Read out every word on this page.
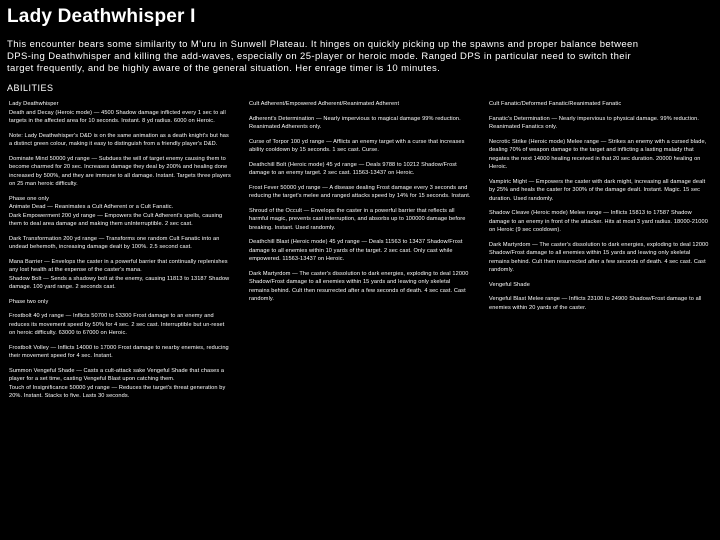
Lady Deathwhisper I
This encounter bears some similarity to M'uru in Sunwell Plateau. It hinges on quickly picking up the spawns and proper balance between DPS-ing Deathwhisper and killing the add-waves, especially on 25-player or heroic mode. Ranged DPS in particular need to switch their target frequently, and be highly aware of the general situation. Her enrage timer is 10 minutes.
ABILITIES

Lady Deathwhisper

Death and Decay (Heroic mode) — 4500 Shadow damage inflicted every 1 sec to all targets in the affected area for 10 seconds. Instant. 8 yd radius. 6000 on Heroic.

Note: Lady Deathwhisper's D&D is on the same animation as a death knight's but has a distinct green colour, making it easy to distinguish from a friendly player's D&D.

Dominate Mind 50000 yd range — Subdues the will of target enemy causing them to become charmed for 20 sec. Increases damage they deal by 200% and healing done increased by 500%, and they are immune to all damage. Instant. Targets three players on 25 man heroic difficulty.

Phase one only

Animate Dead — Reanimates a Cult Adherent or a Cult Fanatic.

Dark Empowerment 200 yd range — Empowers the Cult Adherent's spells, causing them to deal area damage and making them unInterruptible. 2 sec cast.

Dark Transformation 200 yd range — Transforms one random Cult Fanatic into an undead behemoth, increasing damage dealt by 100%. 2.5 second cast.

Mana Barrier — Envelops the caster in a powerful barrier that continually replenishes any lost health at the expense of the caster's mana.

Shadow Bolt — Sends a shadowy bolt at the enemy, causing 11813 to 13187 Shadow damage. 100 yard range. 2 seconds cast.

Phase two only

Frostbolt 40 yd range — Inflicts 50700 to 53300 Frost damage to an enemy and reduces its movement speed by 50% for 4 sec. 2 sec cast. Interruptible but un-reset on heroic difficulty. 63000 to 67000 on Heroic.

Frostbolt Volley — Inflicts 14000 to 17000 Frost damage to nearby enemies, reducing their movement speed for 4 sec. Instant.

Summon Vengeful Shade — Casts a cult-attack sake Vengeful Shade that chases a player for a set time, casting Vengeful Blast upon catching them.

Touch of Insignificance 50000 yd range — Reduces the target's threat generation by 20%. Instant. Stacks to five. Lasts 30 seconds.

Cult Adherent/Empowered Adherent/Reanimated Adherent

Adherent's Determination — Nearly impervious to magical damage 99% reduction. Reanimated Adherents only.

Curse of Torpor 100 yd range — Afflicts an enemy target with a curse that increases ability cooldown by 15 seconds. 1 sec cast. Curse.

Deathchill Bolt (Heroic mode) 45 yd range — Deals 9788 to 10212 Shadow/Frost damage to an enemy target. 2 sec cast. 11563-13437 on Heroic.

Frost Fever 50000 yd range — A disease dealing Frost damage every 3 seconds and reducing the target's melee and ranged attacks speed by 14% for 15 seconds. Instant.

Shroud of the Occult — Envelops the caster in a powerful barrier that reflects all harmful magic, prevents cast interruption, and absorbs up to 100000 damage before breaking. Instant. Used randomly.

Deathchill Blast (Heroic mode) 45 yd range — Deals 11563 to 13437 Shadow/Frost damage to all enemies within 10 yards of the target. 2 sec cast. Only cast while empowered. 11563-13437 on Heroic.

Dark Martyrdom — The caster's dissolution to dark energies, exploding to deal 12000 Shadow/Frost damage to all enemies within 15 yards and leaving only skeletal remains behind. Cult then resurrected after a few seconds of death. 4 sec cast. Cast randomly.

Cult Fanatic/Deformed Fanatic/Reanimated Fanatic

Fanatic's Determination — Nearly impervious to physical damage. 99% reduction. Reanimated Fanatics only.

Necrotic Strike (Heroic mode) Melee range — Strikes an enemy with a cursed blade, dealing 70% of weapon damage to the target and inflicting a lasting malady that negates the next 14000 healing received in that 20 sec duration. 20000 healing on Heroic.

Vampiric Might — Empowers the caster with dark might, increasing all damage dealt by 25% and heals the caster for 300% of the damage dealt. Instant. Magic. 15 sec duration. Used randomly.

Shadow Cleave (Heroic mode) Melee range — Inflicts 15813 to 17587 Shadow damage to an enemy in front of the attacker. Hits at most 3 yard radius. 18000-21000 on Heroic (9 sec cooldown).

Dark Martyrdom — The caster's dissolution to dark energies, exploding to deal 12000 Shadow/Frost damage to all enemies within 15 yards and leaving only skeletal remains behind. Cult then resurrected after a few seconds of death. 4 sec cast. Cast randomly.

Vengeful Shade

Vengeful Blast Melee range — Inflicts 23100 to 24900 Shadow/Frost damage to all enemies within 20 yards of the caster.
